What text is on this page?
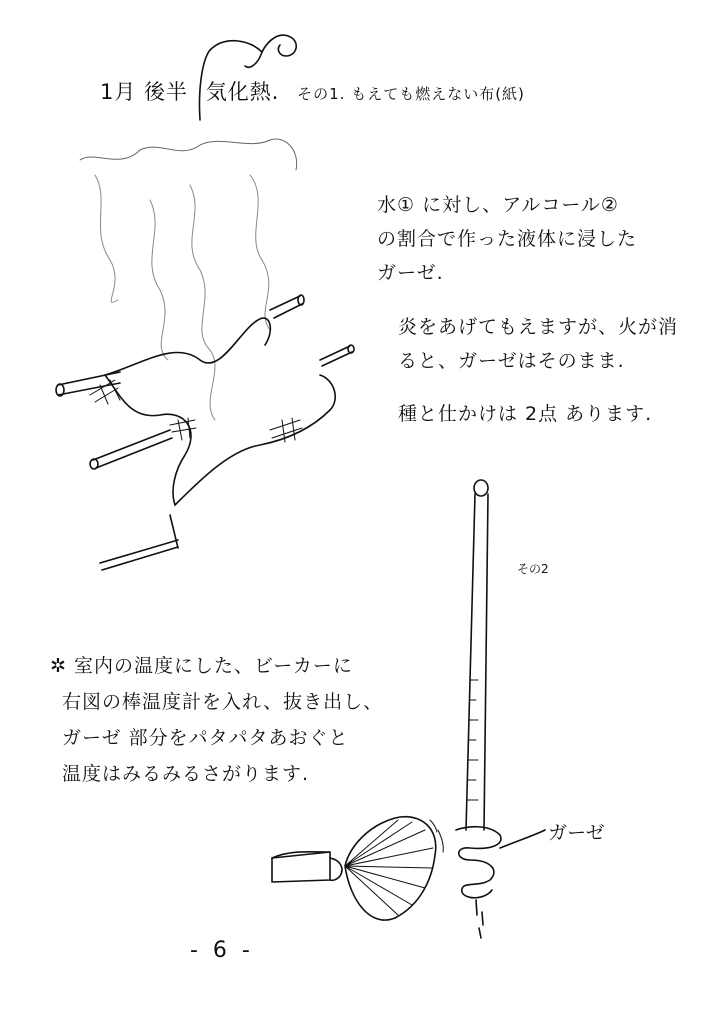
1月 後半 気化熱. その1. もえても燃えない布(紙)
水① に対し、アルコール②
の割合で作った液体に浸した
ガーゼ.
炎をあげてもえますが、火が消
ると、ガーゼはそのまま.
種と仕かけは 2点 あります.
その2
✲ 室内の温度にした、ビーカーに
右図の棒温度計を入れ、抜き出し、
ガーゼ 部分をパタパタあおぐと
温度はみるみるさがります.
ガーゼ
- 6 -
